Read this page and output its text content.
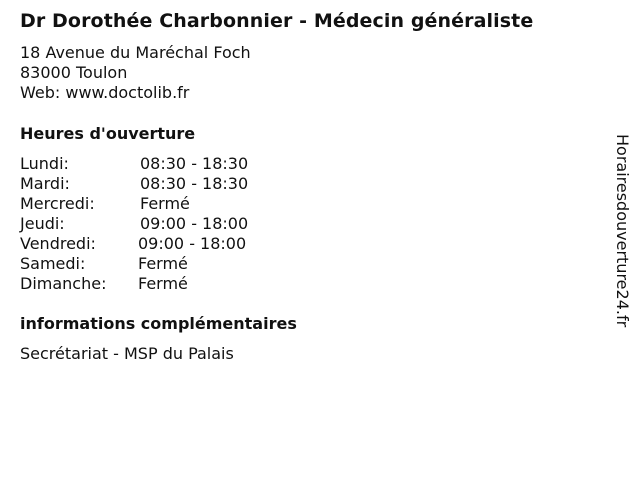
Dr Dorothée Charbonnier - Médecin généraliste
18 Avenue du Maréchal Foch
83000 Toulon
Web: www.doctolib.fr
Heures d'ouverture
Lundi:	08:30 - 18:30
Mardi:	08:30 - 18:30
Mercredi:	Fermé
Jeudi:	09:00 - 18:00
Vendredi:	09:00 - 18:00
Samedi:	Fermé
Dimanche: Fermé
informations complémentaires
Secrétariat - MSP du Palais
Horairesdouverture24.fr
